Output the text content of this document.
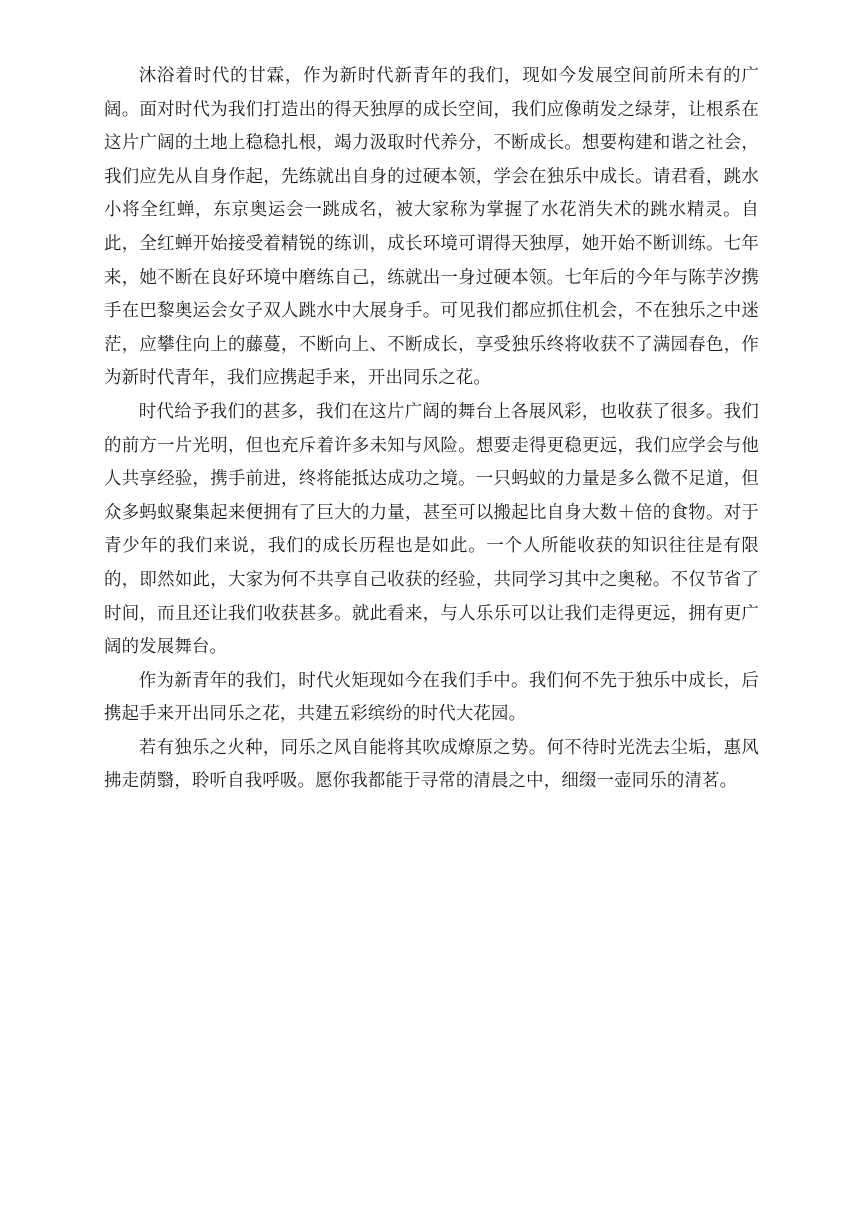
沐浴着时代的甘霖，作为新时代新青年的我们，现如今发展空间前所未有的广阔。面对时代为我们打造出的得天独厚的成长空间，我们应像萌发之绿芽，让根系在这片广阔的土地上稳稳扎根，竭力汲取时代养分，不断成长。想要构建和谐之社会，我们应先从自身作起，先练就出自身的过硬本领，学会在独乐中成长。请君看，跳水小将全红蝉，东京奥运会一跳成名，被大家称为掌握了水花消失术的跳水精灵。自此，全红蝉开始接受着精锐的练训，成长环境可谓得天独厚，她开始不断训练。七年来，她不断在良好环境中磨练自己，练就出一身过硬本领。七年后的今年与陈芋汐携手在巴黎奥运会女子双人跳水中大展身手。可见我们都应抓住机会，不在独乐之中迷茫，应攀住向上的藤蔓，不断向上、不断成长，享受独乐终将收获不了满园春色，作为新时代青年，我们应携起手来，开出同乐之花。

时代给予我们的甚多，我们在这片广阔的舞台上各展风彩，也收获了很多。我们的前方一片光明，但也充斥着许多未知与风险。想要走得更稳更远，我们应学会与他人共享经验，携手前进，终将能抵达成功之境。一只蚂蚁的力量是多么微不足道，但众多蚂蚁聚集起来便拥有了巨大的力量，甚至可以搬起比自身大数＋倍的食物。对于青少年的我们来说，我们的成长历程也是如此。一个人所能收获的知识往往是有限的，即然如此，大家为何不共享自己收获的经验，共同学习其中之奥秘。不仅节省了时间，而且还让我们收获甚多。就此看来，与人乐乐可以让我们走得更远，拥有更广阔的发展舞台。

作为新青年的我们，时代火矩现如今在我们手中。我们何不先于独乐中成长，后携起手来开出同乐之花，共建五彩缤纷的时代大花园。

若有独乐之火种，同乐之风自能将其吹成燎原之势。何不待时光洗去尘垢，惠风拂走荫翳，聆听自我呼吸。愿你我都能于寻常的清晨之中，细缀一壶同乐的清茗。
